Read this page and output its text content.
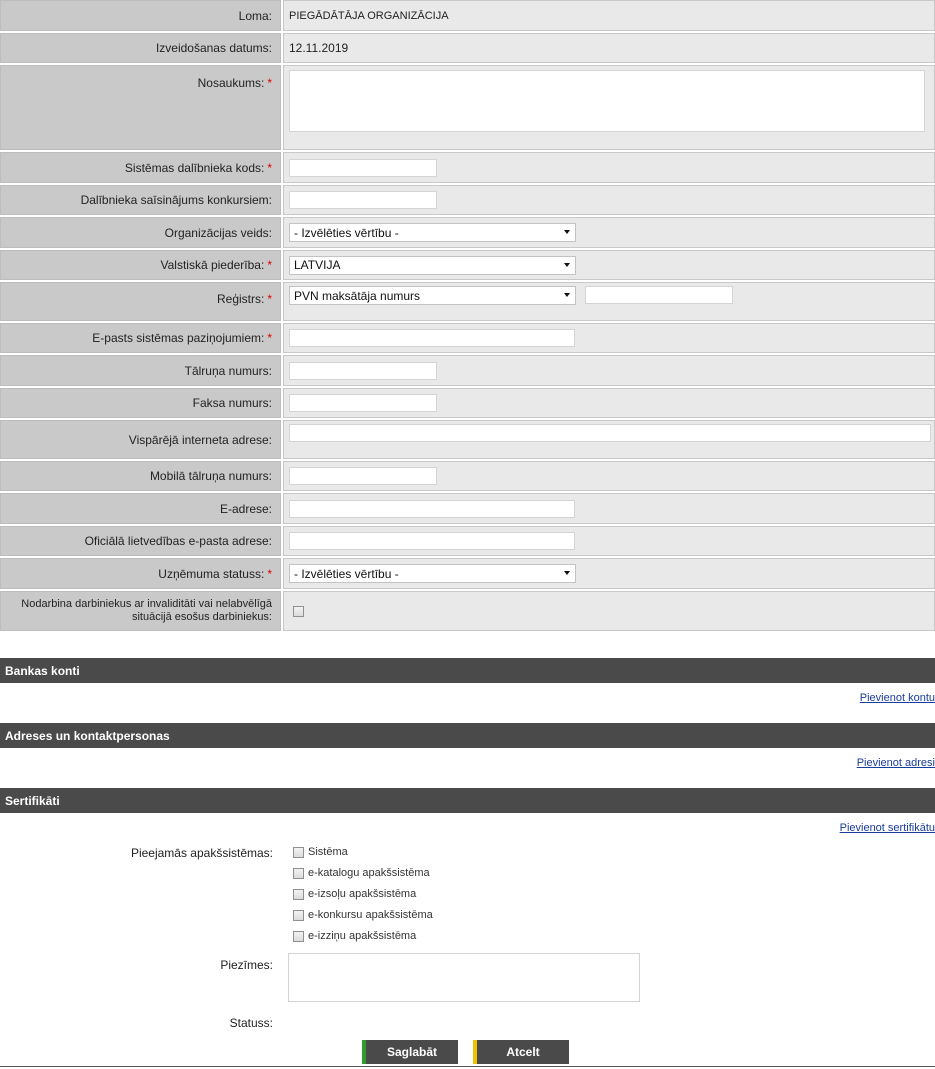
Loma: PIEGĀDĀTĀJA ORGANIZĀCIJA
Izveidošanas datums: 12.11.2019
Nosaukums: *
Sistēmas dalībnieka kods: *
Dalībnieka saīsinājums konkursiem:
Organizācijas veids: - Izvēlēties vērtību -
Valstiskā piederība: * LATVIJA
Reģistrs: * PVN maksātāja numurs
E-pasts sistēmas paziņojumiem: *
Tālruņa numurs:
Faksa numurs:
Vispārējā interneta adrese:
Mobilā tālruņa numurs:
E-adrese:
Oficiālā lietvedības e-pasta adrese:
Uzņēmuma statuss: * - Izvēlēties vērtību -
Nodarbina darbiniekus ar invaliditāti vai nelabvēlīgā
situācijā esošus darbiniekus:
Bankas konti
Pievienot kontu
Adreses un kontaktpersonas
Pievienot adresi
Sertifikāti
Pievienot sertifikātu
Pieejamās apakšsistēmas:	Sistēma
e-katalogu apakšsistēma
e-izsoļu apakšsistēma
e-konkursu apakšsistēma
e-izziņu apakšsistēma
Piezīmes:
Statuss:
Saglabāt	Atcelt
